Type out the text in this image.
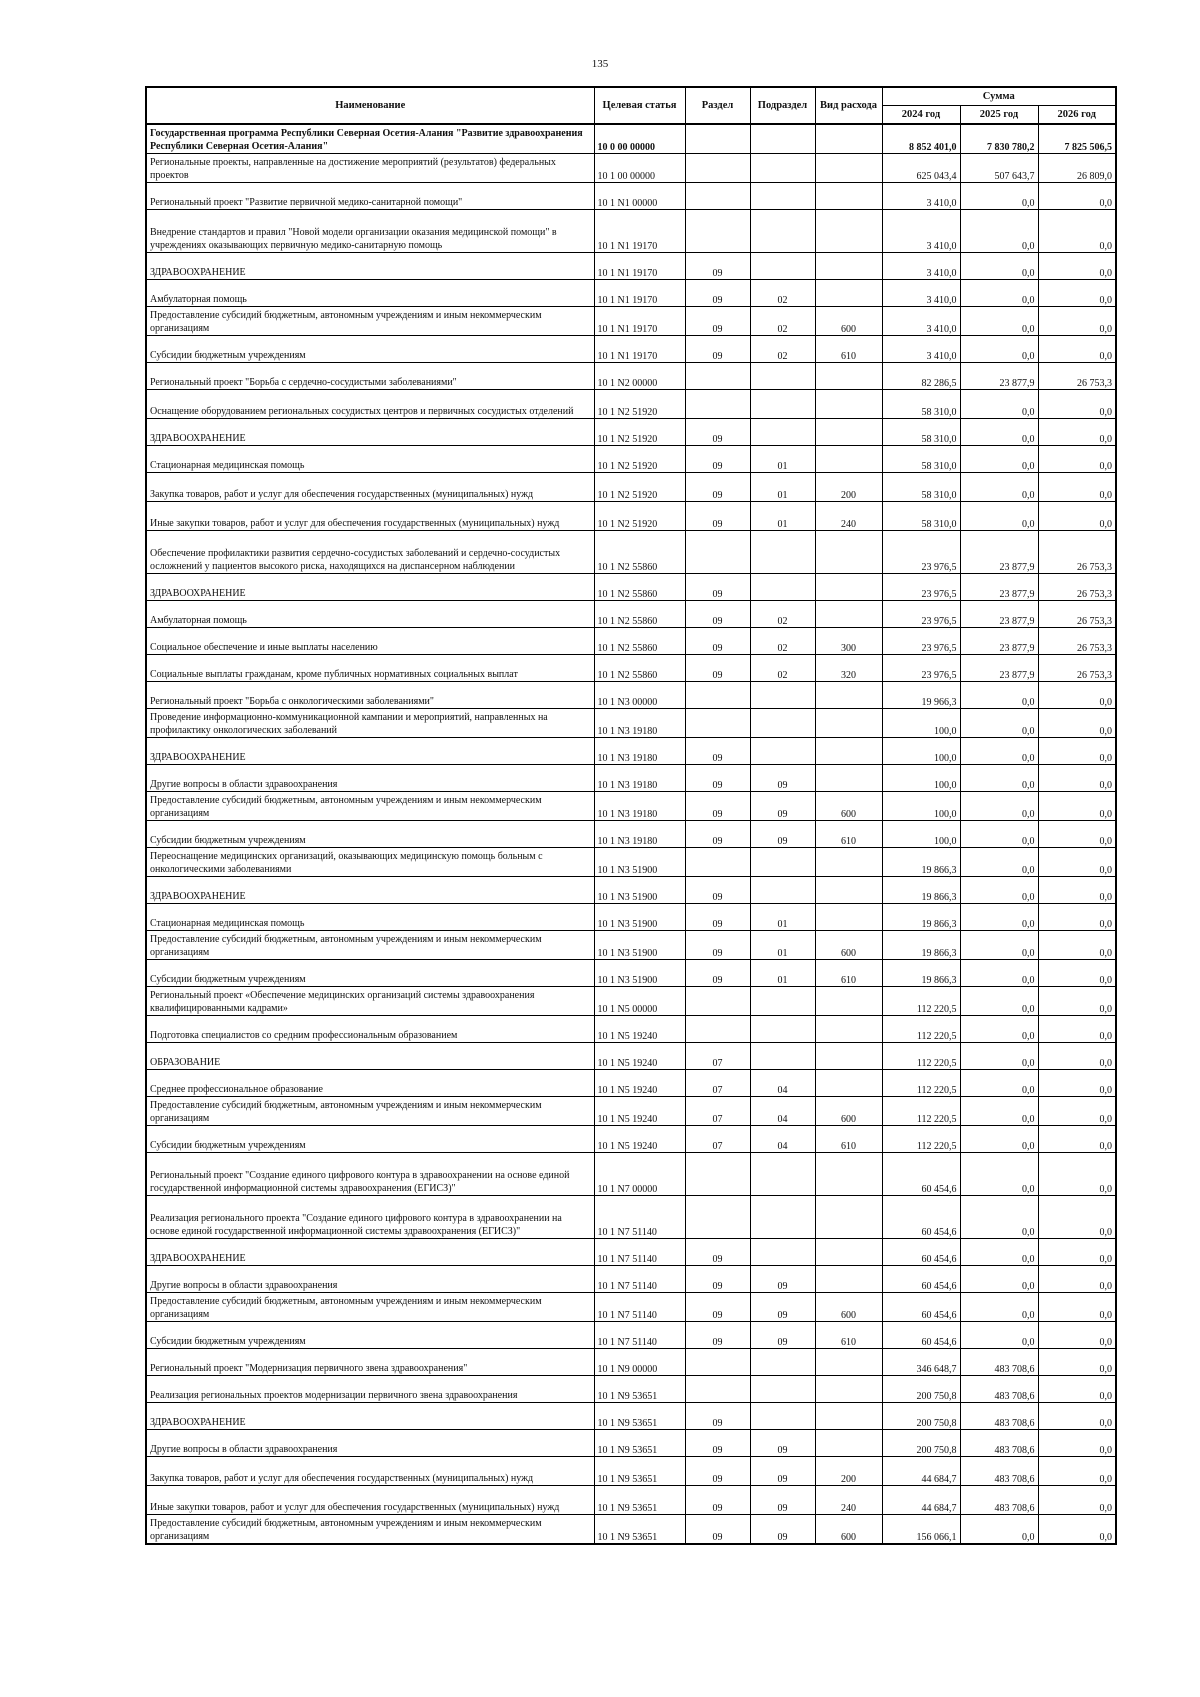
135
Наименование	Целевая статья	Раздел	Подраздел	Вид расхода	Сумма		
					2024 год	2025 год	2026 год
Государственная программа Республики Северная Осетия-Алания "Развитие здравоохранения Республики Северная Осетия-Алания"	10 0 00 00000				8 852 401,0	7 830 780,2	7 825 506,5
Региональные проекты, направленные на достижение мероприятий (результатов) федеральных проектов	10 1 00 00000				625 043,4	507 643,7	26 809,0
Региональный проект "Развитие первичной медико-санитарной помощи"	10 1 N1 00000				3 410,0	0,0	0,0
Внедрение стандартов и правил "Новой модели организации оказания медицинской помощи" в учреждениях оказывающих первичную медико-санитарную помощь	10 1 N1 19170				3 410,0	0,0	0,0
ЗДРАВООХРАНЕНИЕ	10 1 N1 19170	09			3 410,0	0,0	0,0
Амбулаторная помощь	10 1 N1 19170	09	02		3 410,0	0,0	0,0
Предоставление субсидий бюджетным, автономным учреждениям и иным некоммерческим организациям	10 1 N1 19170	09	02	600	3 410,0	0,0	0,0
Субсидии бюджетным учреждениям	10 1 N1 19170	09	02	610	3 410,0	0,0	0,0
Региональный проект "Борьба с сердечно-сосудистыми заболеваниями"	10 1 N2 00000				82 286,5	23 877,9	26 753,3
Оснащение оборудованием региональных сосудистых центров и первичных сосудистых отделений	10 1 N2 51920				58 310,0	0,0	0,0
ЗДРАВООХРАНЕНИЕ	10 1 N2 51920	09			58 310,0	0,0	0,0
Стационарная медицинская помощь	10 1 N2 51920	09	01		58 310,0	0,0	0,0
Закупка товаров, работ и услуг для обеспечения государственных (муниципальных) нужд	10 1 N2 51920	09	01	200	58 310,0	0,0	0,0
Иные закупки товаров, работ и услуг для обеспечения государственных (муниципальных) нужд	10 1 N2 51920	09	01	240	58 310,0	0,0	0,0
Обеспечение профилактики развития сердечно-сосудистых заболеваний и сердечно-сосудистых осложнений у пациентов высокого риска, находящихся на диспансерном наблюдении	10 1 N2 55860				23 976,5	23 877,9	26 753,3
ЗДРАВООХРАНЕНИЕ	10 1 N2 55860	09			23 976,5	23 877,9	26 753,3
Амбулаторная помощь	10 1 N2 55860	09	02		23 976,5	23 877,9	26 753,3
Социальное обеспечение и иные выплаты населению	10 1 N2 55860	09	02	300	23 976,5	23 877,9	26 753,3
Социальные выплаты гражданам, кроме публичных нормативных социальных выплат	10 1 N2 55860	09	02	320	23 976,5	23 877,9	26 753,3
Региональный проект "Борьба с онкологическими заболеваниями"	10 1 N3 00000				19 966,3	0,0	0,0
Проведение информационно-коммуникационной кампании и мероприятий, направленных на профилактику онкологических заболеваний	10 1 N3 19180				100,0	0,0	0,0
ЗДРАВООХРАНЕНИЕ	10 1 N3 19180	09			100,0	0,0	0,0
Другие вопросы в области здравоохранения	10 1 N3 19180	09	09		100,0	0,0	0,0
Предоставление субсидий бюджетным, автономным учреждениям и иным некоммерческим организациям	10 1 N3 19180	09	09	600	100,0	0,0	0,0
Субсидии бюджетным учреждениям	10 1 N3 19180	09	09	610	100,0	0,0	0,0
Переоснащение медицинских организаций, оказывающих медицинскую помощь больным с онкологическими заболеваниями	10 1 N3 51900				19 866,3	0,0	0,0
ЗДРАВООХРАНЕНИЕ	10 1 N3 51900	09			19 866,3	0,0	0,0
Стационарная медицинская помощь	10 1 N3 51900	09	01		19 866,3	0,0	0,0
Предоставление субсидий бюджетным, автономным учреждениям и иным некоммерческим организациям	10 1 N3 51900	09	01	600	19 866,3	0,0	0,0
Субсидии бюджетным учреждениям	10 1 N3 51900	09	01	610	19 866,3	0,0	0,0
Региональный проект «Обеспечение медицинских организаций системы здравоохранения квалифицированными кадрами»	10 1 N5 00000				112 220,5	0,0	0,0
Подготовка специалистов со средним профессиональным образованием	10 1 N5 19240				112 220,5	0,0	0,0
ОБРАЗОВАНИЕ	10 1 N5 19240	07			112 220,5	0,0	0,0
Среднее профессиональное образование	10 1 N5 19240	07	04		112 220,5	0,0	0,0
Предоставление субсидий бюджетным, автономным учреждениям и иным некоммерческим организациям	10 1 N5 19240	07	04	600	112 220,5	0,0	0,0
Субсидии бюджетным учреждениям	10 1 N5 19240	07	04	610	112 220,5	0,0	0,0
Региональный проект "Создание единого цифрового контура в здравоохранении на основе единой государственной информационной системы здравоохранения (ЕГИСЗ)"	10 1 N7 00000				60 454,6	0,0	0,0
Реализация регионального проекта "Создание единого цифрового контура в здравоохранении на основе единой государственной информационной системы здравоохранения (ЕГИСЗ)"	10 1 N7 51140				60 454,6	0,0	0,0
ЗДРАВООХРАНЕНИЕ	10 1 N7 51140	09			60 454,6	0,0	0,0
Другие вопросы в области здравоохранения	10 1 N7 51140	09	09		60 454,6	0,0	0,0
Предоставление субсидий бюджетным, автономным учреждениям и иным некоммерческим организациям	10 1 N7 51140	09	09	600	60 454,6	0,0	0,0
Субсидии бюджетным учреждениям	10 1 N7 51140	09	09	610	60 454,6	0,0	0,0
Региональный проект "Модернизация первичного звена здравоохранения"	10 1 N9 00000				346 648,7	483 708,6	0,0
Реализация региональных проектов модернизации первичного звена здравоохранения	10 1 N9 53651				200 750,8	483 708,6	0,0
ЗДРАВООХРАНЕНИЕ	10 1 N9 53651	09			200 750,8	483 708,6	0,0
Другие вопросы в области здравоохранения	10 1 N9 53651	09	09		200 750,8	483 708,6	0,0
Закупка товаров, работ и услуг для обеспечения государственных (муниципальных) нужд	10 1 N9 53651	09	09	200	44 684,7	483 708,6	0,0
Иные закупки товаров, работ и услуг для обеспечения государственных (муниципальных) нужд	10 1 N9 53651	09	09	240	44 684,7	483 708,6	0,0
Предоставление субсидий бюджетным, автономным учреждениям и иным некоммерческим организациям	10 1 N9 53651	09	09	600	156 066,1	0,0	0,0
